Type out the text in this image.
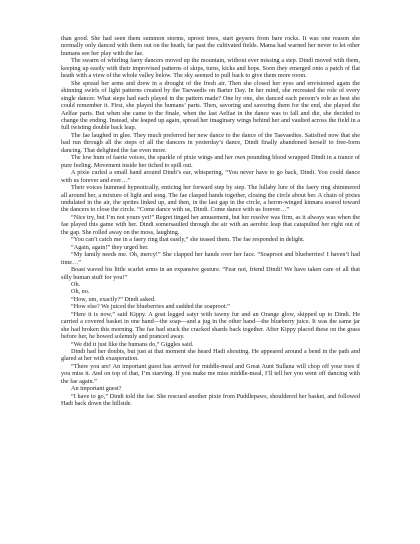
than good. She had seen them summon storms, uproot trees, start geysers from bare rocks. It was one reason she normally only danced with them out on the heath, far past the cultivated fields. Mama had warned her never to let other humans see her play with the fae.

The swarm of whirling faery dancers moved up the mountain, without ever missing a step. Dindi moved with them, keeping up easily with their improvised patterns of skips, turns, kicks and hops. Soon they emerged onto a patch of flat heath with a view of the whole valley below. The sky seemed to pull back to give them more room.

She spread her arms and drew in a drought of the fresh air. Then she closed her eyes and envisioned again the shinning swirls of light patterns created by the Taevaedis on Barter Day. In her mind, she recreated the role of every single dancer. What steps had each played in the pattern made? One by one, she danced each person’s role as best she could remember it. First, she played the humans’ parts. Then, savoring and savoring them for the end, she played the Aelfae parts. But when she came to the finale, when the last Aelfae in the dance was to fall and die, she decided to change the ending. Instead, she leaped up again, spread her imaginary wings behind her and vaulted across the field in a full twisting double back leap.

The fae laughed in glee. They much preferred her new dance to the dance of the Taevaedies. Satisfied now that she had run through all the steps of all the dancers in yesterday’s dance, Dindi finally abandoned herself to free-form dancing. That delighted the fae even more.

The low hum of faerie voices, the sparkle of pixie wings and her own pounding blood wrapped Dindi in a trance of pure feeling. Movement inside her itched to spill out.

A pixie curled a small hand around Dindi’s ear, whispering, “You never have to go back, Dindi. You could dance with us forever and ever…”

Their voices hummed hypnotically, enticing her forward step by step. The lullaby lure of the faery ring shimmered all around her, a mixture of light and song. The fae clasped hands together, closing the circle about her. A chain of pixies undulated in the air, the sprites linked up, and then, in the last gap in the circle, a heron-winged kinnara soared toward the dancers to close the circle. “Come dance with us, Dindi. Come dance with us forever…”

“Nice try, but I’m not yours yet!” Regret tinged her amusement, but her resolve was firm, as it always was when the fae played this game with her. Dindi somersaulted through the air with an aerobic leap that catapulted her right out of the gap. She rolled away on the moss, laughing.

“You can’t catch me in a faery ring that easily,” she teased them. The fae responded in delight.

“Again, again!” they urged her.

“My family needs me. Oh, mercy!” She clapped her hands over her face. “Soaproot and blueberries! I haven’t had time…”

Boast waved his little scarlet arms in an expansive gesture. “Fear not, friend Dindi! We have taken care of all that silly human stuff for you!”

Oh.

Oh, no.

“How, um, exactly?” Dindi asked.

“How else? We juiced the blueberries and sudded the soaproot.”

“Here it is now,” said Kippy. A goat legged satyr with tawny fur and an Orange glow, skipped up to Dindi. He carried a covered basket in one hand—the soap—and a jug in the other hand—the blueberry juice. It was the same jar she had broken this morning. The fae had stuck the cracked shards back together. After Kippy placed these on the grass before her, he bowed solemnly and pranced away.

“We did it just like the humans do,” Giggles said.

Dindi had her doubts, but just at that moment she heard Hadi shouting. He appeared around a bend in the path and glared at her with exasperation.

“There you are! An important guest has arrived for middle-meal and Great Aunt Sullana will chop off your toes if you miss it. And on top of that, I’m starving. If you make me miss middle-meal, I’ll tell her you went off dancing with the fae again.”

An important guest?

“I have to go,” Dindi told the fae. She rescued another pixie from Puddlepaws, shouldered her basket, and followed Hadi back down the hillside.
